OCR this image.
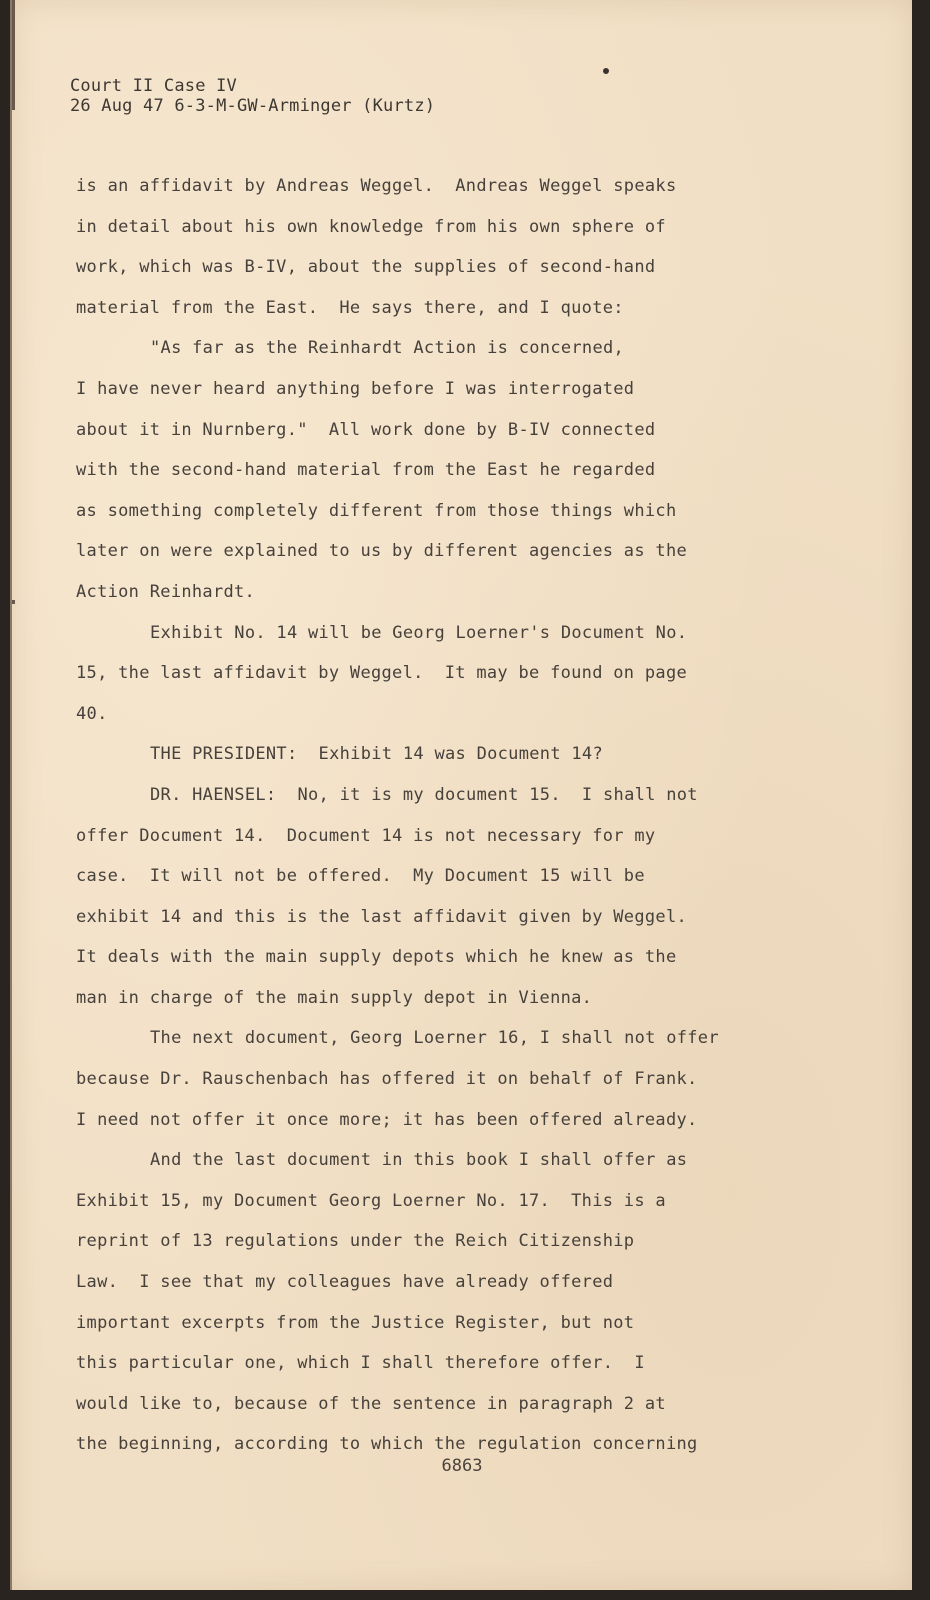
Court II Case IV
26 Aug 47 6-3-M-GW-Arminger (Kurtz)
is an affidavit by Andreas Weggel.  Andreas Weggel speaks
in detail about his own knowledge from his own sphere of
work, which was B-IV, about the supplies of second-hand
material from the East.  He says there, and I quote:
"As far as the Reinhardt Action is concerned,
I have never heard anything before I was interrogated
about it in Nurnberg."  All work done by B-IV connected
with the second-hand material from the East he regarded
as something completely different from those things which
later on were explained to us by different agencies as the
Action Reinhardt.
Exhibit No. 14 will be Georg Loerner's Document No.
15, the last affidavit by Weggel.  It may be found on page
40.
THE PRESIDENT:  Exhibit 14 was Document 14?
DR. HAENSEL:  No, it is my document 15.  I shall not
offer Document 14.  Document 14 is not necessary for my
case.  It will not be offered.  My Document 15 will be
exhibit 14 and this is the last affidavit given by Weggel.
It deals with the main supply depots which he knew as the
man in charge of the main supply depot in Vienna.
The next document, Georg Loerner 16, I shall not offer
because Dr. Rauschenbach has offered it on behalf of Frank.
I need not offer it once more; it has been offered already.
And the last document in this book I shall offer as
Exhibit 15, my Document Georg Loerner No. 17.  This is a
reprint of 13 regulations under the Reich Citizenship
Law.  I see that my colleagues have already offered
important excerpts from the Justice Register, but not
this particular one, which I shall therefore offer.  I
would like to, because of the sentence in paragraph 2 at
the beginning, according to which the regulation concerning
6863
